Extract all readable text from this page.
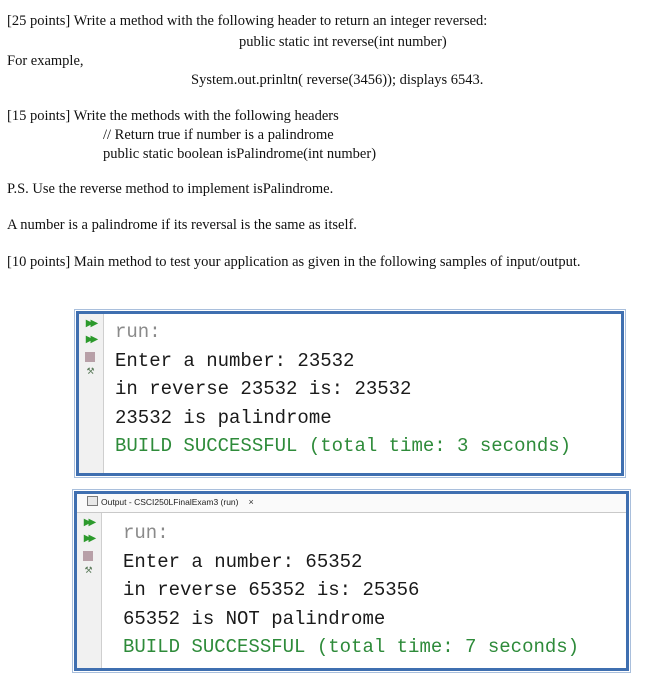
[25 points] Write a method with the following header to return an integer reversed:
public static int reverse(int number)
For example,
System.out.prinltn( reverse(3456)); displays 6543.
[15 points] Write the methods with the following headers
// Return true if number is a palindrome
public static boolean isPalindrome(int number)
P.S. Use the reverse method to implement isPalindrome.
A number is a palindrome if its reversal is the same as itself.
[10 points] Main method to test your application as given in the following samples of input/output.
▶▶
▶▶
⚒
run:
Enter a number: 23532
in reverse 23532 is: 23532
23532 is palindrome
BUILD SUCCESSFUL (total time: 3 seconds)
Output - CSCI250LFinalExam3 (run) ×
▶▶
▶▶
⚒
run:
Enter a number: 65352
in reverse 65352 is: 25356
65352 is NOT palindrome
BUILD SUCCESSFUL (total time: 7 seconds)
